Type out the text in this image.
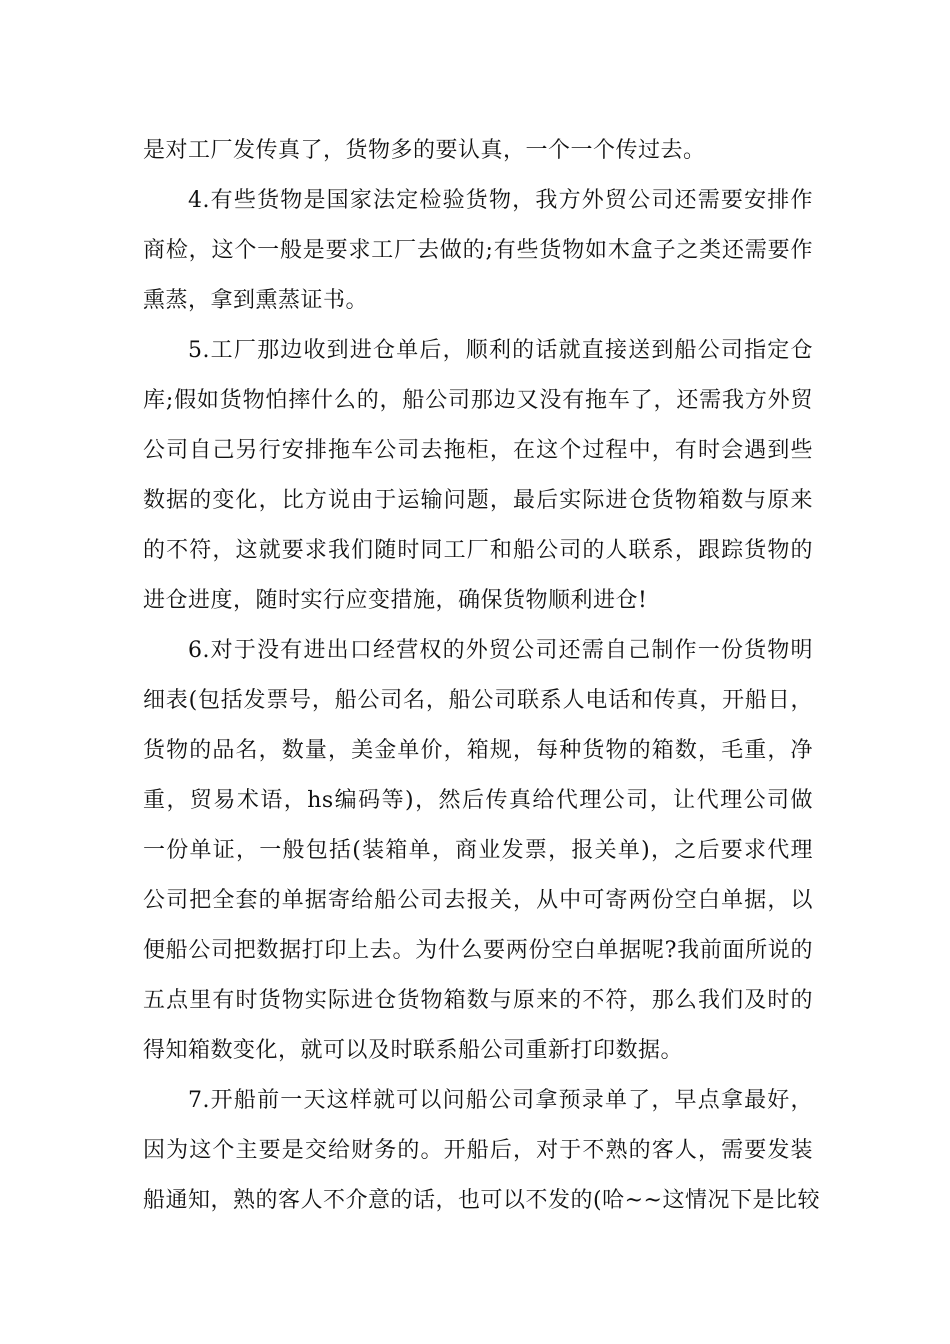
是对工厂发传真了，货物多的要认真，一个一个传过去。
4.有些货物是国家法定检验货物，我方外贸公司还需要安排作
商检，这个一般是要求工厂去做的;有些货物如木盒子之类还需要作
熏蒸，拿到熏蒸证书。
5.工厂那边收到进仓单后，顺利的话就直接送到船公司指定仓
库;假如货物怕摔什么的，船公司那边又没有拖车了，还需我方外贸
公司自己另行安排拖车公司去拖柜，在这个过程中，有时会遇到些
数据的变化，比方说由于运输问题，最后实际进仓货物箱数与原来
的不符，这就要求我们随时同工厂和船公司的人联系，跟踪货物的
进仓进度，随时实行应变措施，确保货物顺利进仓!
6.对于没有进出口经营权的外贸公司还需自己制作一份货物明
细表(包括发票号，船公司名，船公司联系人电话和传真，开船日，
货物的品名，数量，美金单价，箱规，每种货物的箱数，毛重，净
重，贸易术语，hs编码等)，然后传真给代理公司，让代理公司做
一份单证，一般包括(装箱单，商业发票，报关单)，之后要求代理
公司把全套的单据寄给船公司去报关，从中可寄两份空白单据，以
便船公司把数据打印上去。为什么要两份空白单据呢?我前面所说的
五点里有时货物实际进仓货物箱数与原来的不符，那么我们及时的
得知箱数变化，就可以及时联系船公司重新打印数据。
7.开船前一天这样就可以问船公司拿预录单了，早点拿最好，
因为这个主要是交给财务的。开船后，对于不熟的客人，需要发装
船通知，熟的客人不介意的话，也可以不发的(哈~~这情况下是比较
